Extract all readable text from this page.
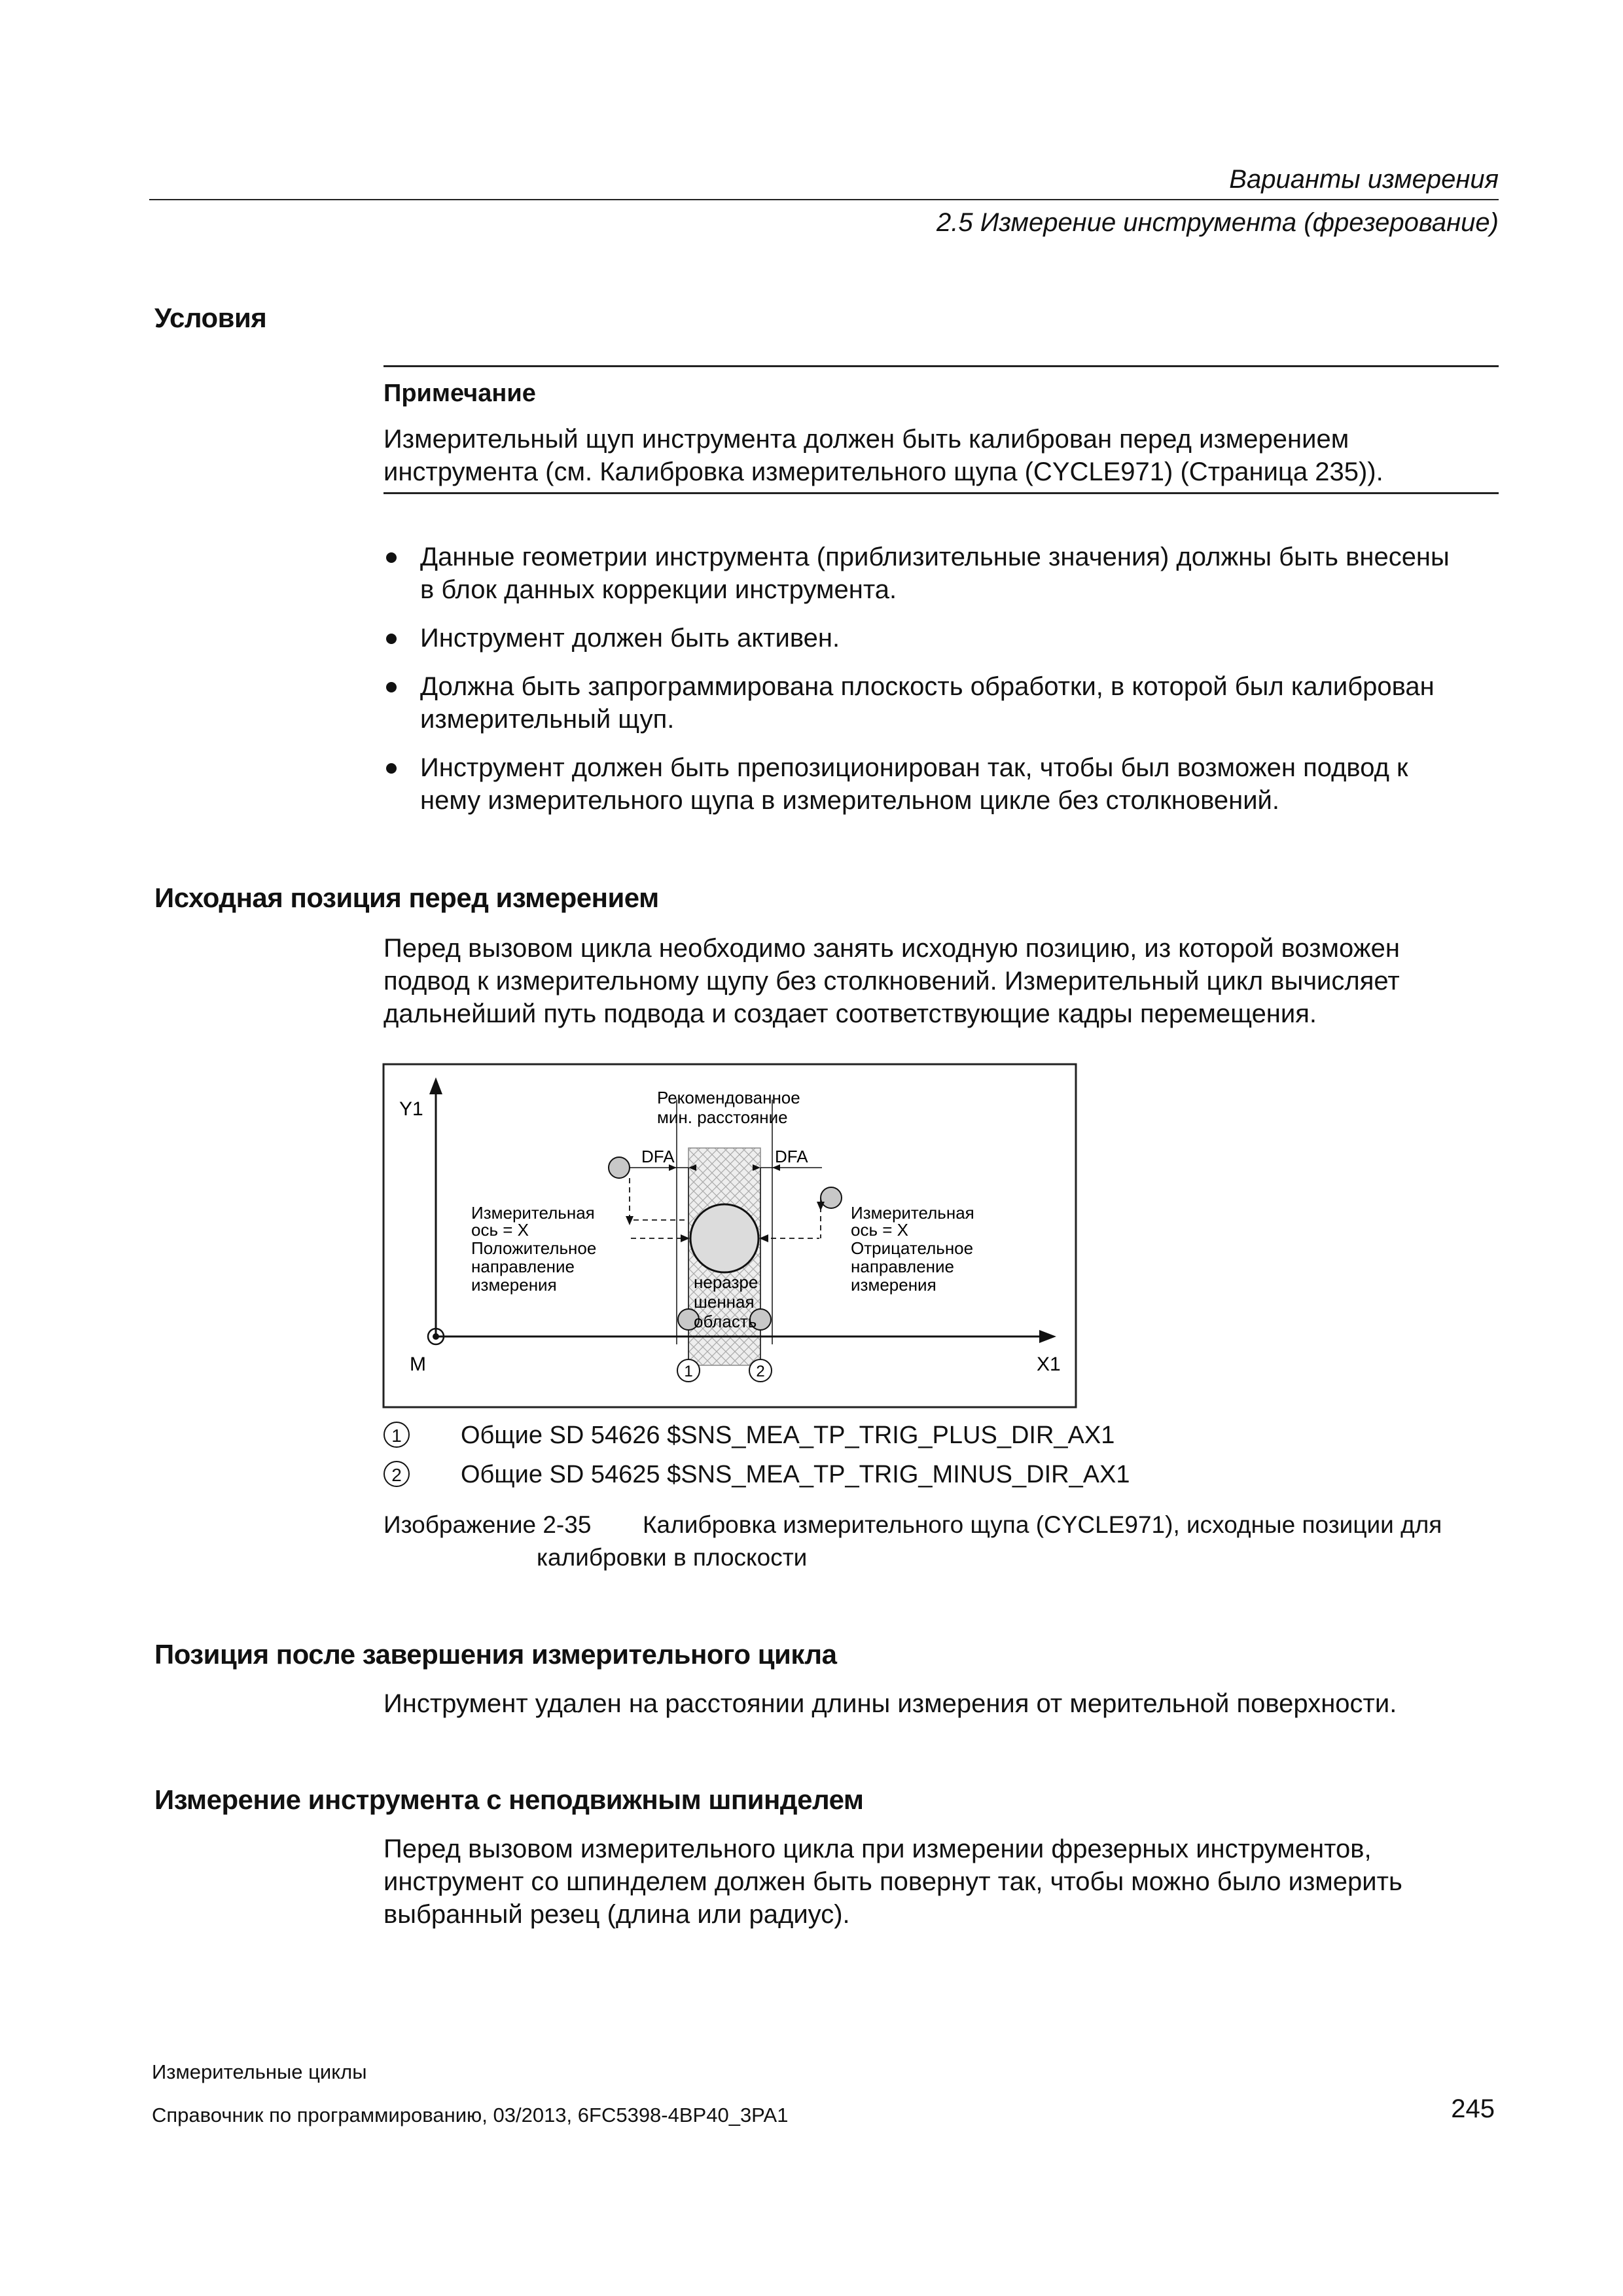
Варианты измерения
2.5 Измерение инструмента (фрезерование)
Условия
Примечание
Измерительный щуп инструмента должен быть калиброван перед измерением
инструмента (см. Калибровка измерительного щупа (CYCLE971) (Страница 235)).
Данные геометрии инструмента (приблизительные значения) должны быть внесены
в блок данных коррекции инструмента.
Инструмент должен быть активен.
Должна быть запрограммирована плоскость обработки, в которой был калиброван
измерительный щуп.
Инструмент должен быть препозиционирован так, чтобы был возможен подвод к
нему измерительного щупа в измерительном цикле без столкновений.
Исходная позиция перед измерением
Перед вызовом цикла необходимо занять исходную позицию, из которой возможен
подвод к измерительному щупу без столкновений. Измерительный цикл вычисляет
дальнейший путь подвода и создает соответствующие кадры перемещения.
Y1
X1
M
Рекомендованное
мин. расстояние
DFA	DFA
Измерительная ось = X Положительное направление измерения
Измерительная ось = X Отрицательное направление измерения
неразре шенная область
1	2
1 Общие SD 54626 $SNS_MEA_TP_TRIG_PLUS_DIR_AX1
2 Общие SD 54625 $SNS_MEA_TP_TRIG_MINUS_DIR_AX1
Изображение 2-35 Калибровка измерительного щупа (CYCLE971), исходные позиции для
калибровки в плоскости
Позиция после завершения измерительного цикла
Инструмент удален на расстоянии длины измерения от мерительной поверхности.
Измерение инструмента с неподвижным шпинделем
Перед вызовом измерительного цикла при измерении фрезерных инструментов,
инструмент со шпинделем должен быть повернут так, чтобы можно было измерить
выбранный резец (длина или радиус).
Измерительные циклы
Справочник по программированию, 03/2013, 6FC5398-4BP40_3PA1	245
